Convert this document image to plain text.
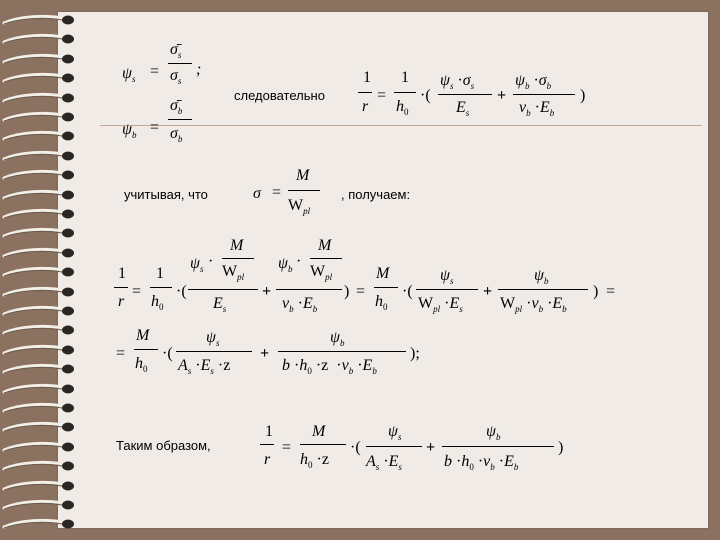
$\psi_s$ =
$\sigmā_s$
$\sigma_s$
;
$\psi_b$ =
$\sigmā_b$
$\sigma_b$
следовательно
1
r
=
1
$h_0$
·(
$\psi_s \cdot\sigma_s$
$E_s$
+
$\psi_b \cdot\sigma_b$
$\nu_b \cdot E_b$
)
учитывая, что	σ =
M
$W_{pl}$
, получаем:
1
r
=
1
$h_0$
·(
$\psi_s$ ·
M
$W_{pl}$
$E_s$
+
$\psi_b$ ·
M
$W_{pl}$
$\nu_b \cdot E_b$
) =
M
$h_0$
·(
$\psi_s$
$W_{pl} \cdot E_s$
+
$\psi_b$
$W_{pl} \cdot\nu_b \cdot E_b$
) =
=
M
$h_0$
·(
$\psi_s$
$A_s \cdot E_s \cdot z$
+
$\psi_b$
$b \cdot h_0 \cdot z \cdot\nu_b \cdot E_b$
);
Таким образом,
1
r
=
M
$h_0 \cdot z$
·(
$\psi_s$
$A_s \cdot E_s$
+
$\psi_b$
$b \cdot h_0 \cdot\nu_b \cdot E_b$
)
